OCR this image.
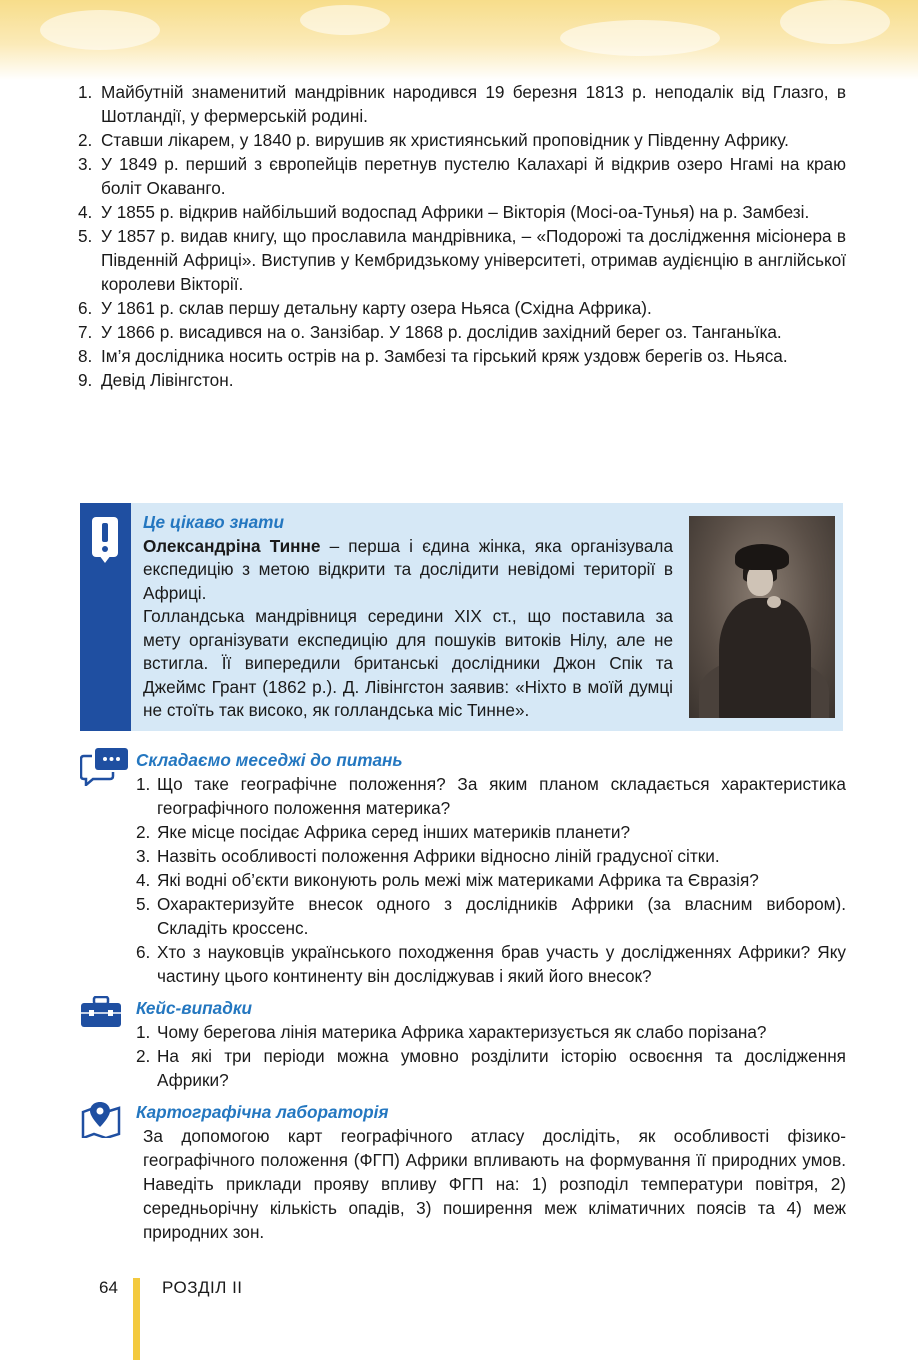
1. Майбутній знаменитий мандрівник народився 19 березня 1813 р. неподалік від Глазго, в Шотландії, у фермерській родині.
2. Ставши лікарем, у 1840 р. вирушив як християнський проповідник у Південну Африку.
3. У 1849 р. перший з європейців перетнув пустелю Калахарі й відкрив озеро Нгамі на краю боліт Окаванго.
4. У 1855 р. відкрив найбільший водоспад Африки – Вікторія (Мосі-оа-Тунья) на р. Замбезі.
5. У 1857 р. видав книгу, що прославила мандрівника, – «Подорожі та дослідження місіонера в Південній Африці». Виступив у Кембридзькому університеті, отримав аудієнцію в англійської королеви Вікторії.
6. У 1861 р. склав першу детальну карту озера Ньяса (Східна Африка).
7. У 1866 р. висадився на о. Занзібар. У 1868 р. дослідив західний берег оз. Танганьїка.
8. Ім’я дослідника носить острів на р. Замбезі та гірський кряж уздовж берегів оз. Ньяса.
9. Девід Лівінгстон.
Це цікаво знати
Олександріна Тинне – перша і єдина жінка, яка організувала експедицію з метою відкрити та дослідити невідомі території в Африці.
Голландська мандрівниця середини XIX ст., що поставила за мету організувати експедицію для пошуків витоків Нілу, але не встигла. Її випередили британські дослідники Джон Спік та Джеймс Грант (1862 р.). Д. Лівінгстон заявив: «Ніхто в моїй думці не стоїть так високо, як голландська міс Тинне».
Складаємо меседжі до питань
1. Що таке географічне положення? За яким планом складається характеристика географічного положення материка?
2. Яке місце посідає Африка серед інших материків планети?
3. Назвіть особливості положення Африки відносно ліній градусної сітки.
4. Які водні об’єкти виконують роль межі між материками Африка та Євразія?
5. Охарактеризуйте внесок одного з дослідників Африки (за власним вибором). Складіть кроссенс.
6. Хто з науковців українського походження брав участь у дослідженнях Африки? Яку частину цього континенту він досліджував і який його внесок?
Кейс-випадки
1. Чому берегова лінія материка Африка характеризується як слабо порізана?
2. На які три періоди можна умовно розділити історію освоєння та дослідження Африки?
Картографічна лабораторія

За допомогою карт географічного атласу дослідіть, як особливості фізико-географічного положення (ФГП) Африки впливають на формування її природних умов. Наведіть приклади прояву впливу ФГП на: 1) розподіл температури повітря, 2) середньорічну кількість опадів, 3) поширення меж кліматичних поясів та 4) меж природних зон.

64	РОЗДІЛ II
